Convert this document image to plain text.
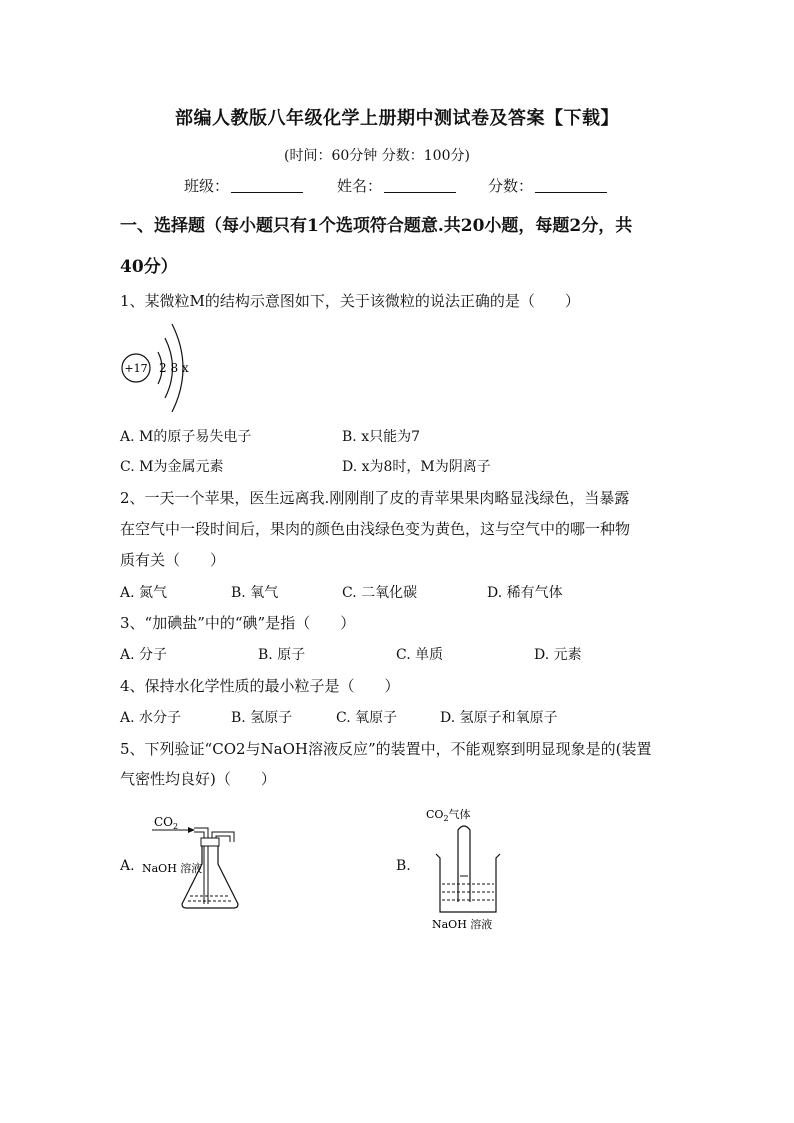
部编人教版八年级化学上册期中测试卷及答案【下载】
(时间：60分钟 分数：100分)
班级：	姓名：	分数：
一、选择题（每小题只有1个选项符合题意.共20小题，每题2分，共
40分）
1、某微粒M的结构示意图如下，关于该微粒的说法正确的是（　　）
+17 2 8 x
A. M的原子易失电子	B. x只能为7
C. M为金属元素	D. x为8时，M为阴离子
2、一天一个苹果，医生远离我.刚刚削了皮的青苹果果肉略显浅绿色，当暴露
在空气中一段时间后，果肉的颜色由浅绿色变为黄色，这与空气中的哪一种物
质有关（　　）
A. 氮气	B. 氧气	C. 二氧化碳	D. 稀有气体
3、“加碘盐”中的“碘”是指（　　）
A. 分子	B. 原子	C. 单质	D. 元素
4、保持水化学性质的最小粒子是（　　）
A. 水分子	B. 氢原子	C. 氧原子	D. 氢原子和氧原子
5、下列验证“CO2与NaOH溶液反应”的装置中，不能观察到明显现象是的(装置
气密性均良好)（　　）
A.
$CO_2$
NaOH 溶液	B.
$CO_2$气体
NaOH 溶液
